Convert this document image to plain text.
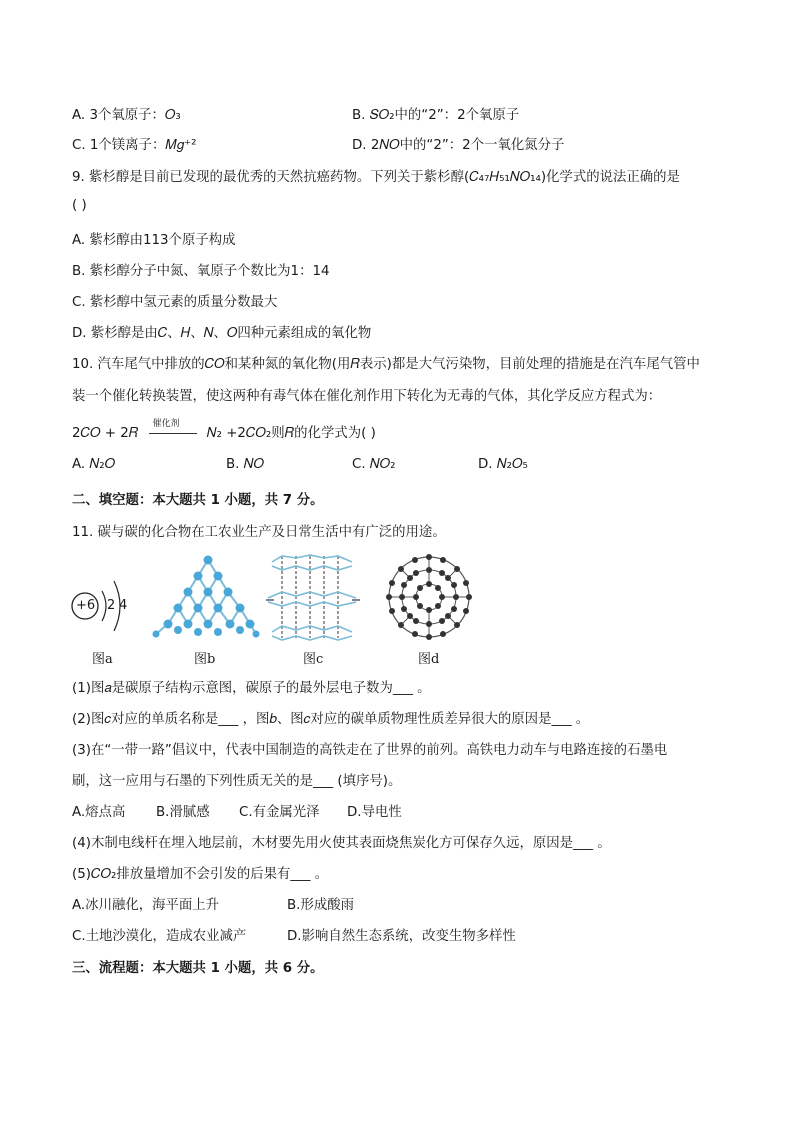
A. 3个氧原子：𝑂₃	B. 𝑆𝑂₂中的“2”：2个氧原子
C. 1个镁离子：𝑀𝑔⁺²	D. 2𝑁𝑂中的“2”：2个一氧化氮分子
9. 紫杉醇是目前已发现的最优秀的天然抗癌药物。下列关于紫杉醇(𝐶₄₇𝐻₅₁𝑁𝑂₁₄)化学式的说法正确的是
( )
A. 紫杉醇由113个原子构成
B. 紫杉醇分子中氮、氧原子个数比为1：14
C. 紫杉醇中氢元素的质量分数最大
D. 紫杉醇是由𝐶、𝐻、𝑁、𝑂四种元素组成的氧化物
10. 汽车尾气中排放的𝐶𝑂和某种氮的氧化物(用𝑅表示)都是大气污染物，目前处理的措施是在汽车尾气管中
装一个催化转换装置，使这两种有毒气体在催化剂作用下转化为无毒的气体，其化学反应方程式为：
2𝐶𝑂 + 2𝑅
催化剂
𝑁₂ +2𝐶𝑂₂则𝑅的化学式为( )
A. 𝑁₂𝑂	B. 𝑁𝑂	C. 𝑁𝑂₂	D. 𝑁₂𝑂₅
二、填空题：本大题共 1 小题，共 7 分。
11. 碳与碳的化合物在工农业生产及日常生活中有广泛的用途。
+6 2 4
图a	图b	图c	图d
(1)图𝑎是碳原子结构示意图，碳原子的最外层电子数为___ 。
(2)图𝑐对应的单质名称是___ ，图𝑏、图𝑐对应的碳单质物理性质差异很大的原因是___ 。
(3)在“一带一路”倡议中，代表中国制造的高铁走在了世界的前列。高铁电力动车与电路连接的石墨电
刷，这一应用与石墨的下列性质无关的是___ (填序号)。
A.熔点高 B.滑腻感 C.有金属光泽 D.导电性
(4)木制电线杆在埋入地层前，木材要先用火使其表面烧焦炭化方可保存久远，原因是___ 。
(5)𝐶𝑂₂排放量增加不会引发的后果有___ 。
A.冰川融化，海平面上升	B.形成酸雨
C.土地沙漠化，造成农业减产	D.影响自然生态系统，改变生物多样性
三、流程题：本大题共 1 小题，共 6 分。
